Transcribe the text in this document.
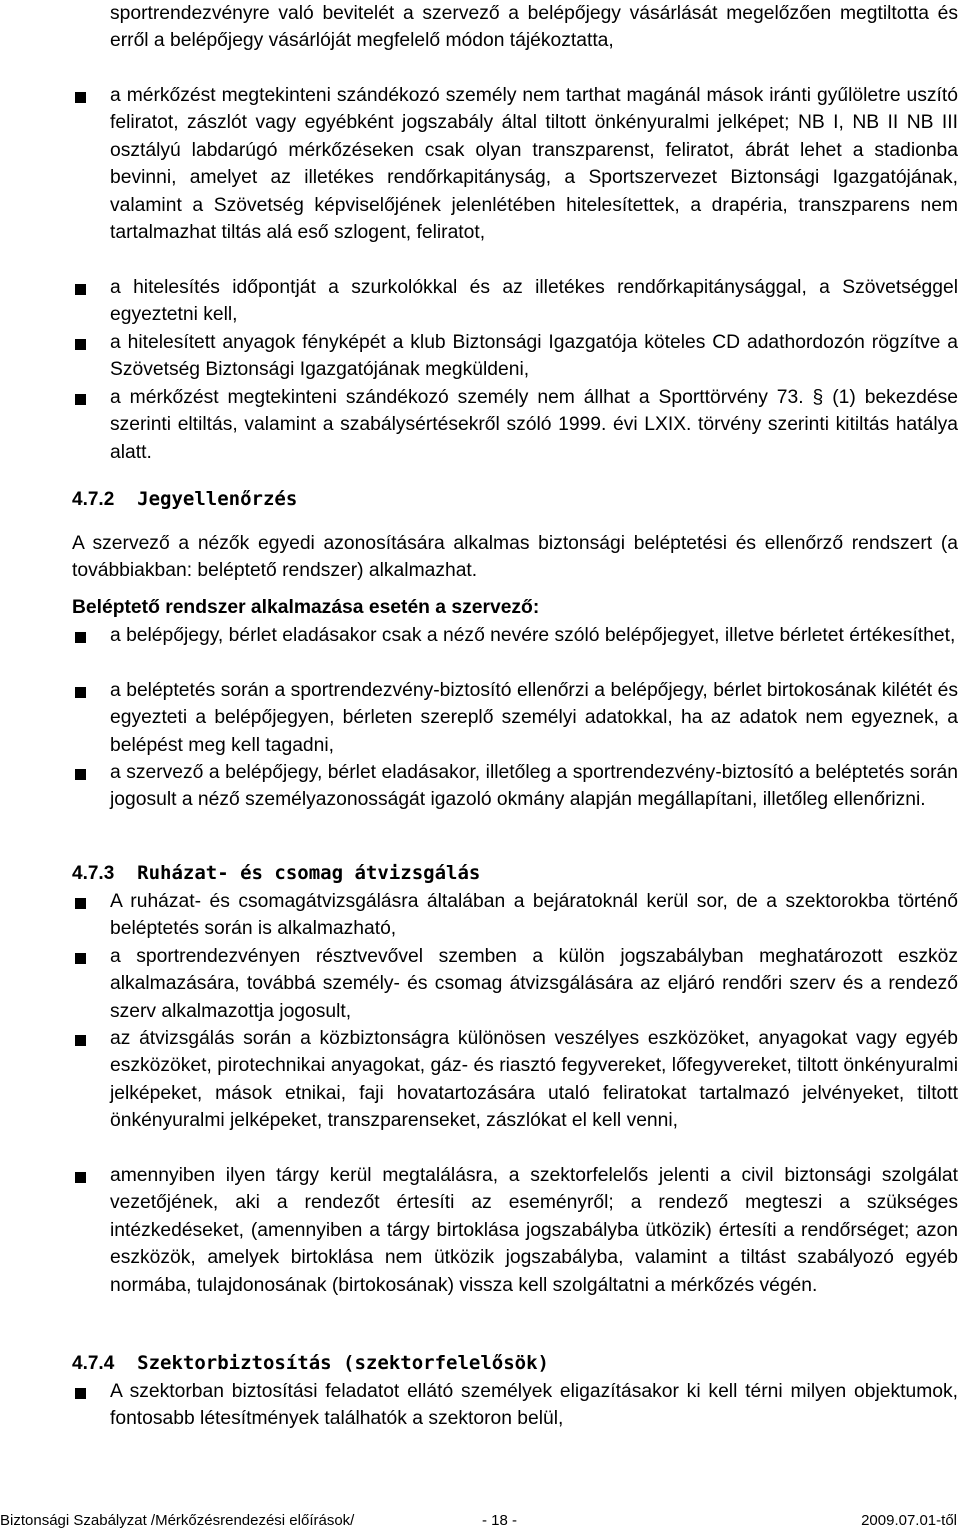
sportrendezvényre való bevitelét a szervező a belépőjegy vásárlását megelőzően megtiltotta és erről a belépőjegy vásárlóját megfelelő módon tájékoztatta,
a mérkőzést megtekinteni szándékozó személy nem tarthat magánál mások iránti gyűlöletre uszító feliratot, zászlót vagy egyébként jogszabály által tiltott önkényuralmi jelképet; NB I, NB II NB III osztályú labdarúgó mérkőzéseken csak olyan transzparenst, feliratot, ábrát lehet a stadionba bevinni, amelyet az illetékes rendőrkapitányság, a Sportszervezet Biztonsági Igazgatójának, valamint a Szövetség képviselőjének jelenlétében hitelesítettek, a drapéria, transzparens nem tartalmazhat tiltás alá eső szlogent, feliratot,
a hitelesítés időpontját a szurkolókkal és az illetékes rendőrkapitánysággal, a Szövetséggel egyeztetni kell,
a hitelesített anyagok fényképét a klub Biztonsági Igazgatója köteles CD adathordozón rögzítve a Szövetség Biztonsági Igazgatójának megküldeni,
a mérkőzést megtekinteni szándékozó személy nem állhat a Sporttörvény 73. § (1) bekezdése szerinti eltiltás, valamint a szabálysértésekről szóló 1999. évi LXIX. törvény szerinti kitiltás hatálya alatt.
4.7.2 Jegyellenőrzés
A szervező a nézők egyedi azonosítására alkalmas biztonsági beléptetési és ellenőrző rendszert (a továbbiakban: beléptető rendszer) alkalmazhat.
Beléptető rendszer alkalmazása esetén a szervező:
a belépőjegy, bérlet eladásakor csak a néző nevére szóló belépőjegyet, illetve bérletet értékesíthet,
a beléptetés során a sportrendezvény-biztosító ellenőrzi a belépőjegy, bérlet birtokosának kilétét és egyezteti a belépőjegyen, bérleten szereplő személyi adatokkal, ha az adatok nem egyeznek, a belépést meg kell tagadni,
a szervező a belépőjegy, bérlet eladásakor, illetőleg a sportrendezvény-biztosító a beléptetés során jogosult a néző személyazonosságát igazoló okmány alapján megállapítani, illetőleg ellenőrizni.
4.7.3 Ruházat- és csomag átvizsgálás
A ruházat- és csomagátvizsgálásra általában a bejáratoknál kerül sor, de a szektorokba történő beléptetés során is alkalmazható,
a sportrendezvényen résztvevővel szemben a külön jogszabályban meghatározott eszköz alkalmazására, továbbá személy- és csomag átvizsgálására az eljáró rendőri szerv és a rendező szerv alkalmazottja jogosult,
az átvizsgálás során a közbiztonságra különösen veszélyes eszközöket, anyagokat vagy egyéb eszközöket, pirotechnikai anyagokat, gáz- és riasztó fegyvereket, lőfegyvereket, tiltott önkényuralmi jelképeket, mások etnikai, faji hovatartozására utaló feliratokat tartalmazó jelvényeket, tiltott önkényuralmi jelképeket, transzparenseket, zászlókat el kell venni,
amennyiben ilyen tárgy kerül megtalálásra, a szektorfelelős jelenti a civil biztonsági szolgálat vezetőjének, aki a rendezőt értesíti az eseményről; a rendező megteszi a szükséges intézkedéseket, (amennyiben a tárgy birtoklása jogszabályba ütközik) értesíti a rendőrséget; azon eszközök, amelyek birtoklása nem ütközik jogszabályba, valamint a tiltást szabályozó egyéb normába, tulajdonosának (birtokosának) vissza kell szolgáltatni a mérkőzés végén.
4.7.4 Szektorbiztosítás (szektorfelelősök)
A szektorban biztosítási feladatot ellátó személyek eligazításakor ki kell térni milyen objektumok, fontosabb létesítmények találhatók a szektoron belül,
Biztonsági Szabályzat /Mérkőzésrendezési előírások/	- 18 -	2009.07.01-től
